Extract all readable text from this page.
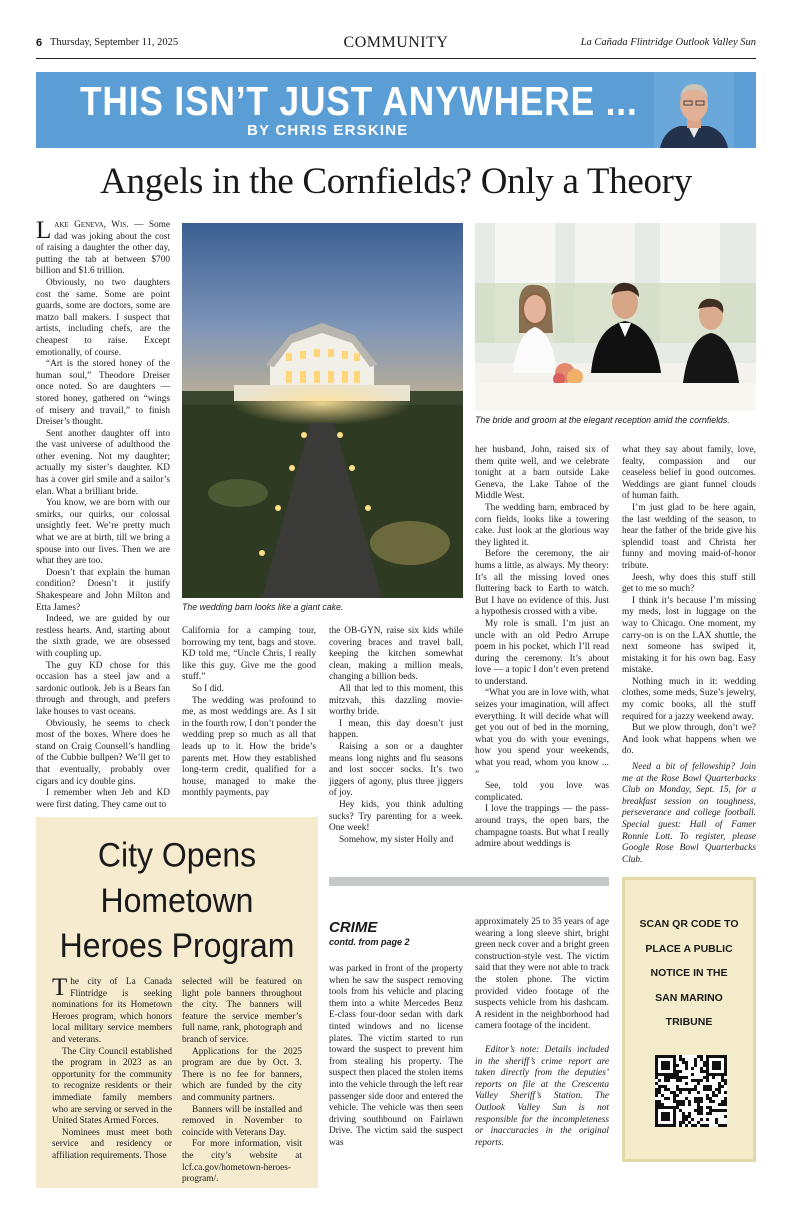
6 Thursday, September 11, 2025	COMMUNITY	La Cañada Flintridge Outlook Valley Sun
THIS ISN’T JUST ANYWHERE ...
BY CHRIS ERSKINE
Angels in the Cornfields? Only a Theory
The wedding barn looks like a giant cake.
The bride and groom at the elegant reception amid the cornfields.

Lake Geneva, Wis. — Some dad was joking about the cost of raising a daughter the other day, putting the tab at between $700 billion and $1.6 trillion.

Obviously, no two daughters cost the same. Some are point guards, some are doctors, some are matzo ball makers. I suspect that artists, including chefs, are the cheapest to raise. Except emotionally, of course.

“Art is the stored honey of the human soul,” Theodore Dreiser once noted. So are daughters — stored honey, gathered on “wings of misery and travail,” to finish Dreiser’s thought.

Sent another daughter off into the vast universe of adulthood the other evening. Not my daughter; actually my sister’s daughter. KD has a cover girl smile and a sailor’s elan. What a brilliant bride.

You know, we are born with our smirks, our quirks, our colossal unsightly feet. We’re pretty much what we are at birth, till we bring a spouse into our lives. Then we are what they are too.

Doesn’t that explain the human condition? Doesn’t it justify Shakespeare and John Milton and Etta James?

Indeed, we are guided by our restless hearts. And, starting about the sixth grade, we are obsessed with coupling up.

The guy KD chose for this occasion has a steel jaw and a sardonic outlook. Jeb is a Bears fan through and through, and prefers lake houses to vast oceans.

Obviously, he seems to check most of the boxes. Where does he stand on Craig Counsell’s handling of the Cubbie bullpen? We’ll get to that eventually, probably over cigars and icy double gins.

I remember when Jeb and KD were first dating. They came out to

California for a camping tour, borrowing my tent, bags and stove. KD told me, “Uncle Chris, I really like this guy. Give me the good stuff.”

So I did.

The wedding was profound to me, as most weddings are. As I sit in the fourth row, I don’t ponder the wedding prep so much as all that leads up to it. How the bride’s parents met. How they established long-term credit, qualified for a house, managed to make the monthly payments, pay

the OB-GYN, raise six kids while covering braces and travel ball, keeping the kitchen somewhat clean, making a million meals, changing a billion beds.

All that led to this moment, this mitzvah, this dazzling movie-worthy bride.

I mean, this day doesn’t just happen.

Raising a son or a daughter means long nights and flu seasons and lost soccer socks. It’s two jiggers of agony, plus three jiggers of joy.

Hey kids, you think adulting sucks? Try parenting for a week. One week!

Somehow, my sister Holly and

her husband, John, raised six of them quite well, and we celebrate tonight at a barn outside Lake Geneva, the Lake Tahoe of the Middle West.

The wedding barn, embraced by corn fields, looks like a towering cake. Just look at the glorious way they lighted it.

Before the ceremony, the air hums a little, as always. My theory: It’s all the missing loved ones fluttering back to Earth to watch. But I have no evidence of this. Just a hypothesis crossed with a vibe.

My role is small. I’m just an uncle with an old Pedro Arrupe poem in his pocket, which I’ll read during the ceremony. It’s about love — a topic I don’t even pretend to understand.

“What you are in love with, what seizes your imagination, will affect everything. It will decide what will get you out of bed in the morning, what you do with your evenings, how you spend your weekends, what you read, whom you know ... ”

See, told you love was complicated.

I love the trappings — the pass-around trays, the open bars, the champagne toasts. But what I really admire about weddings is

what they say about family, love, fealty, compassion and our ceaseless belief in good outcomes. Weddings are giant funnel clouds of human faith.

I’m just glad to be here again, the last wedding of the season, to hear the father of the bride give his splendid toast and Christa her funny and moving maid-of-honor tribute.

Jeesh, why does this stuff still get to me so much?

I think it’s because I’m missing my meds, lost in luggage on the way to Chicago. One moment, my carry-on is on the LAX shuttle, the next someone has swiped it, mistaking it for his own bag. Easy mistake.

Nothing much in it: wedding clothes, some meds, Suze’s jewelry, my comic books, all the stuff required for a jazzy weekend away.

But we plow through, don’t we? And look what happens when we do.

Need a bit of fellowship? Join me at the Rose Bowl Quarterbacks Club on Monday, Sept. 15, for a breakfast session on toughness, perseverance and college football. Special guest: Hall of Famer Ronnie Lott. To register, please Google Rose Bowl Quarterbacks Club.

City Opens
Hometown
Heroes Program

The city of La Canada Flintridge is seeking nominations for its Hometown Heroes program, which honors local military service members and veterans.

The City Council established the program in 2023 as an opportunity for the community to recognize residents or their immediate family members who are serving or served in the United States Armed Forces.

Nominees must meet both service and residency or affiliation requirements. Those

selected will be featured on light pole banners throughout the city. The banners will feature the service member’s full name, rank, photograph and branch of service.

Applications for the 2025 program are due by Oct. 3. There is no fee for banners, which are funded by the city and community partners.

Banners will be installed and removed in November to coincide with Veterans Day.

For more information, visit the city’s website at lcf.ca.gov/hometown-heroes-program/.

CRIME
contd. from page 2

was parked in front of the property when he saw the suspect removing tools from his vehicle and placing them into a white Mercedes Benz E-class four-door sedan with dark tinted windows and no license plates. The victim started to run toward the suspect to prevent him from stealing his property. The suspect then placed the stolen items into the vehicle through the left rear passenger side door and entered the vehicle. The vehicle was then seen driving southbound on Fairlawn Drive. The victim said the suspect was

approximately 25 to 35 years of age wearing a long sleeve shirt, bright green neck cover and a bright green construction-style vest. The victim said that they were not able to track the stolen phone. The victim provided video footage of the suspects vehicle from his dashcam. A resident in the neighborhood had camera footage of the incident.

Editor’s note: Details included in the sheriff’s crime report are taken directly from the deputies’ reports on file at the Crescenta Valley Sheriff’s Station. The Outlook Valley Sun is not responsible for the incompleteness or inaccuracies in the original reports.

SCAN QR CODE TO
PLACE A PUBLIC
NOTICE IN THE
SAN MARINO
TRIBUNE
